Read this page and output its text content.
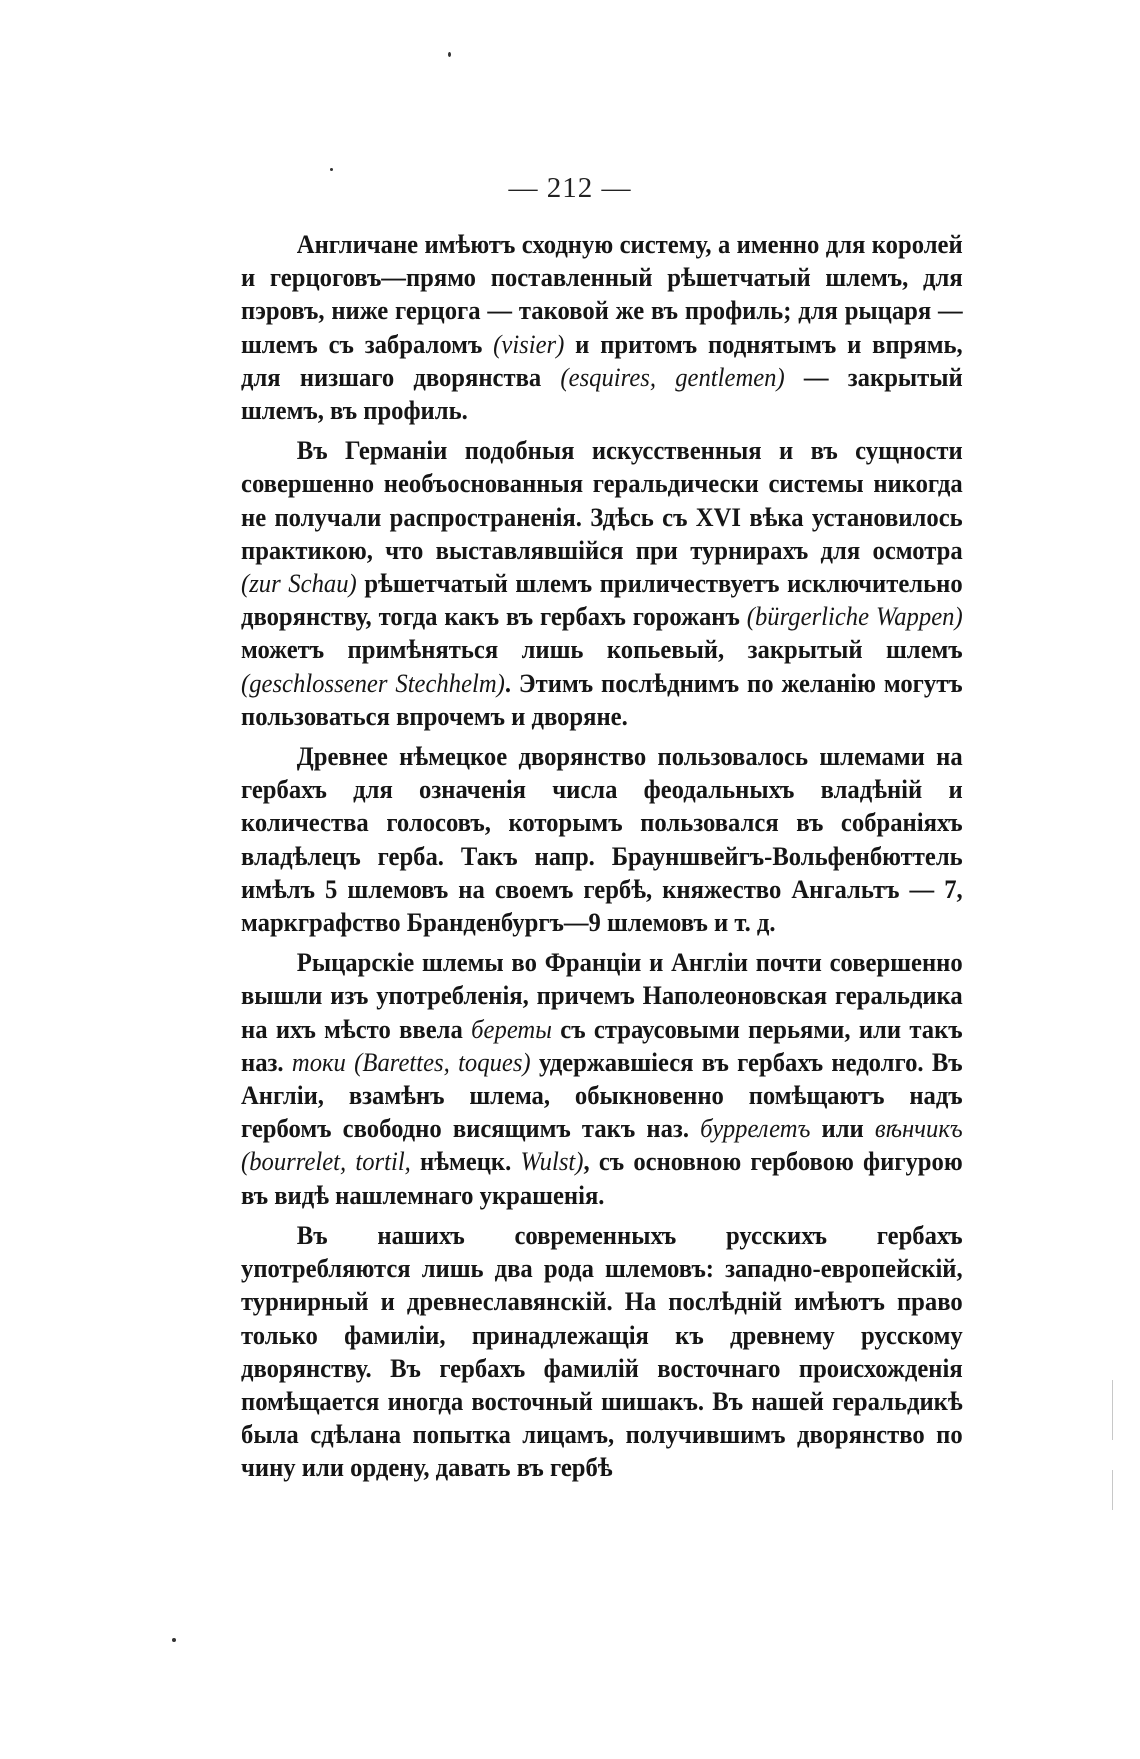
— 212 —

Англичане имѣютъ сходную систему, а именно для королей и герцоговъ—прямо поставленный рѣшетчатый шлемъ, для пэровъ, ниже герцога — таковой же въ профиль; для рыцаря — шлемъ съ забраломъ (visier) и притомъ поднятымъ и впрямь, для низшаго дворянства (esquires, gentlemen) — закрытый шлемъ, въ профиль.

Въ Германіи подобныя искусственныя и въ сущности совершенно необъоснованныя геральдически системы никогда не получали распространенія. Здѣсь съ XVI вѣка установилось практикою, что выставлявшійся при турнирахъ для осмотра (zur Schau) рѣшетчатый шлемъ приличествуетъ исключительно дворянству, тогда какъ въ гербахъ горожанъ (bürgerliche Wappen) можетъ примѣняться лишь копьевый, закрытый шлемъ (geschlossener Stechhelm). Этимъ послѣднимъ по желанію могутъ пользоваться впрочемъ и дворяне.

Древнее нѣмецкое дворянство пользовалось шлемами на гербахъ для означенія числа феодальныхъ владѣній и количества голосовъ, которымъ пользовался въ собраніяхъ владѣлецъ герба. Такъ напр. Брауншвейгъ-Вольфенбюттель имѣлъ 5 шлемовъ на своемъ гербѣ, княжество Ангальтъ — 7, маркграфство Бранденбургъ—9 шлемовъ и т. д.

Рыцарскіе шлемы во Франціи и Англіи почти совершенно вышли изъ употребленія, причемъ Наполеоновская геральдика на ихъ мѣсто ввела береты съ страусовыми перьями, или такъ наз. токи (Barettes, toques) удержавшіеся въ гербахъ недолго. Въ Англіи, взамѣнъ шлема, обыкновенно помѣщаютъ надъ гербомъ свободно висящимъ такъ наз. буррелетъ или вѣнчикъ (bourrelet, tortil, нѣмецк. Wulst), съ основною гербовою фигурою въ видѣ нашлемнаго украшенія.

Въ нашихъ современныхъ русскихъ гербахъ употребляются лишь два рода шлемовъ: западно-европейскій, турнирный и древнеславянскій. На послѣдній имѣютъ право только фамиліи, принадлежащія къ древнему русскому дворянству. Въ гербахъ фамилій восточнаго происхожденія помѣщается иногда восточный шишакъ. Въ нашей геральдикѣ была сдѣлана попытка лицамъ, получившимъ дворянство по чину или ордену, давать въ гербѣ
